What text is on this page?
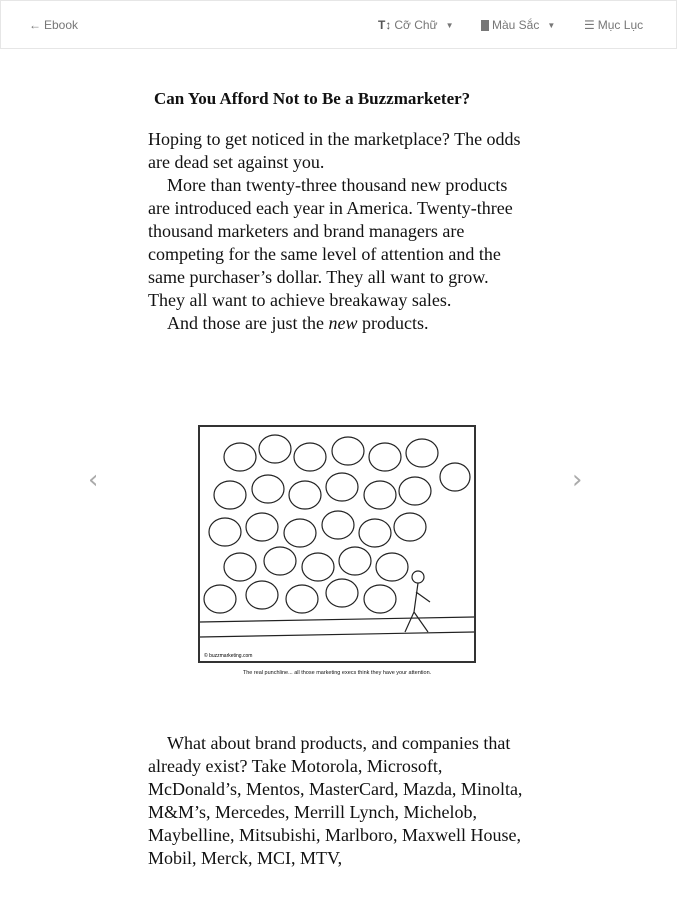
← Ebook	T↕ Cỡ Chữ ▼	Màu Sắc ▼ ☰ Mục Lục
Can You Afford Not to Be a Buzzmarketer?

Hoping to get noticed in the marketplace? The odds are dead set against you.

More than twenty-three thousand new products are introduced each year in America. Twenty-three thousand marketers and brand managers are competing for the same level of attention and the same purchaser’s dollar. They all want to grow. They all want to achieve breakaway sales.

And those are just the new products.

© buzzmarketing.com
The real punchline... all those marketing execs think they have your attention.

What about brand products, and companies that already exist? Take Motorola, Microsoft, McDonald’s, Mentos, MasterCard, Mazda, Minolta, M&M’s, Mercedes, Merrill Lynch, Michelob, Maybelline, Mitsubishi, Marlboro, Maxwell House, Mobil, Merck, MCI, MTV,

‹	›
